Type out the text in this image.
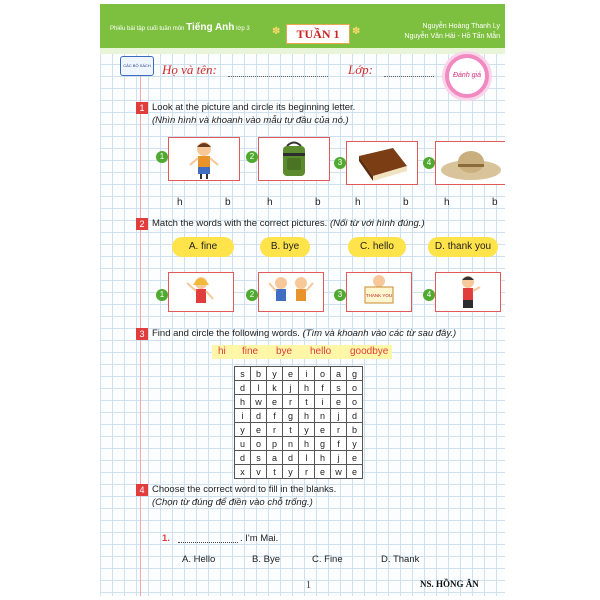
Phiếu bài tập cuối tuần môn Tiếng Anh lớp 3 ✽	TUẦN 1	✽	Nguyễn Hoàng Thanh Ly
Nguyễn Văn Hải - Hồ Tấn Mẫn

CÁC BỘ SÁCH Họ và tên:	Lớp:	Đánh giá
1 Look at the picture and circle its beginning letter.
(Nhìn hình và khoanh vào mẫu tự đầu của nó.)
1
h	b
2
h	b
3
h	b
4
h	b
2 Match the words with the correct pictures. (Nối từ với hình đúng.)
A. fine	B. bye	C. hello	D. thank you
1	2	3	THANK YOU	4
3 Find and circle the following words. (Tìm và khoanh vào các từ sau đây.)
hi fine bye hello goodbye
s	b	y	e	i	o	a	g
d	l	k	j	h	f	s	o
h	w	e	r	t	i	e	o
i	d	f	g	h	n	j	d
y	e	r	t	y	e	r	b
u	o	p	n	h	g	f	y
d	s	a	d	l	h	j	e
x	v	t	y	r	e	w	e
4 Choose the correct word to fill in the blanks.
(Chọn từ đúng để điền vào chỗ trống.)
1.	. I'm Mai.
A. Hello	B. Bye	C. Fine	D. Thank
1	NS. HỒNG ÂN
